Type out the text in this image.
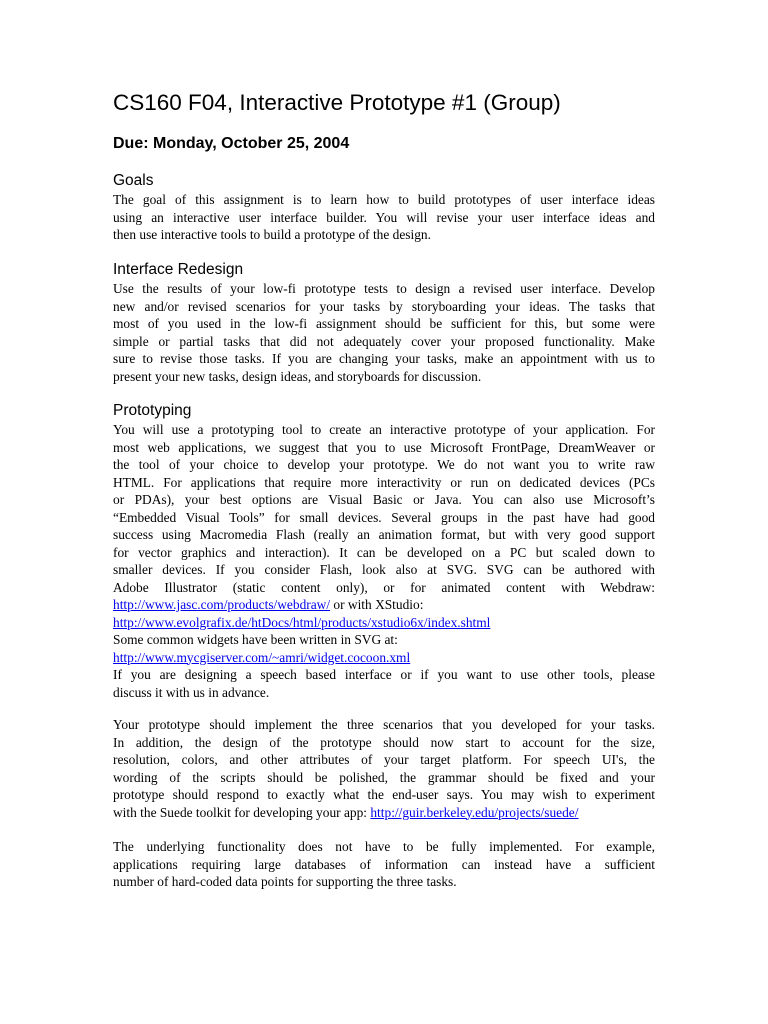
CS160 F04, Interactive Prototype #1 (Group)
Due: Monday, October 25, 2004
Goals
The goal of this assignment is to learn how to build prototypes of user interface ideas
using an interactive user interface builder. You will revise your user interface ideas and
then use interactive tools to build a prototype of the design.
Interface Redesign
Use the results of your low-fi prototype tests to design a revised user interface. Develop
new and/or revised scenarios for your tasks by storyboarding your ideas. The tasks that
most of you used in the low-fi assignment should be sufficient for this, but some were
simple or partial tasks that did not adequately cover your proposed functionality. Make
sure to revise those tasks. If you are changing your tasks, make an appointment with us to
present your new tasks, design ideas, and storyboards for discussion.
Prototyping
You will use a prototyping tool to create an interactive prototype of your application. For
most web applications, we suggest that you to use Microsoft FrontPage, DreamWeaver or
the tool of your choice to develop your prototype. We do not want you to write raw
HTML. For applications that require more interactivity or run on dedicated devices (PCs
or PDAs), your best options are Visual Basic or Java. You can also use Microsoft’s
“Embedded Visual Tools” for small devices. Several groups in the past have had good
success using Macromedia Flash (really an animation format, but with very good support
for vector graphics and interaction). It can be developed on a PC but scaled down to
smaller devices. If you consider Flash, look also at SVG. SVG can be authored with
Adobe Illustrator (static content only), or for animated content with Webdraw:
http://www.jasc.com/products/webdraw/ or with XStudio:
http://www.evolgrafix.de/htDocs/html/products/xstudio6x/index.shtml
Some common widgets have been written in SVG at:
http://www.mycgiserver.com/~amri/widget.cocoon.xml
If you are designing a speech based interface or if you want to use other tools, please
discuss it with us in advance.
Your prototype should implement the three scenarios that you developed for your tasks.
In addition, the design of the prototype should now start to account for the size,
resolution, colors, and other attributes of your target platform. For speech UI's, the
wording of the scripts should be polished, the grammar should be fixed and your
prototype should respond to exactly what the end-user says. You may wish to experiment
with the Suede toolkit for developing your app: http://guir.berkeley.edu/projects/suede/
The underlying functionality does not have to be fully implemented. For example,
applications requiring large databases of information can instead have a sufficient
number of hard-coded data points for supporting the three tasks.
